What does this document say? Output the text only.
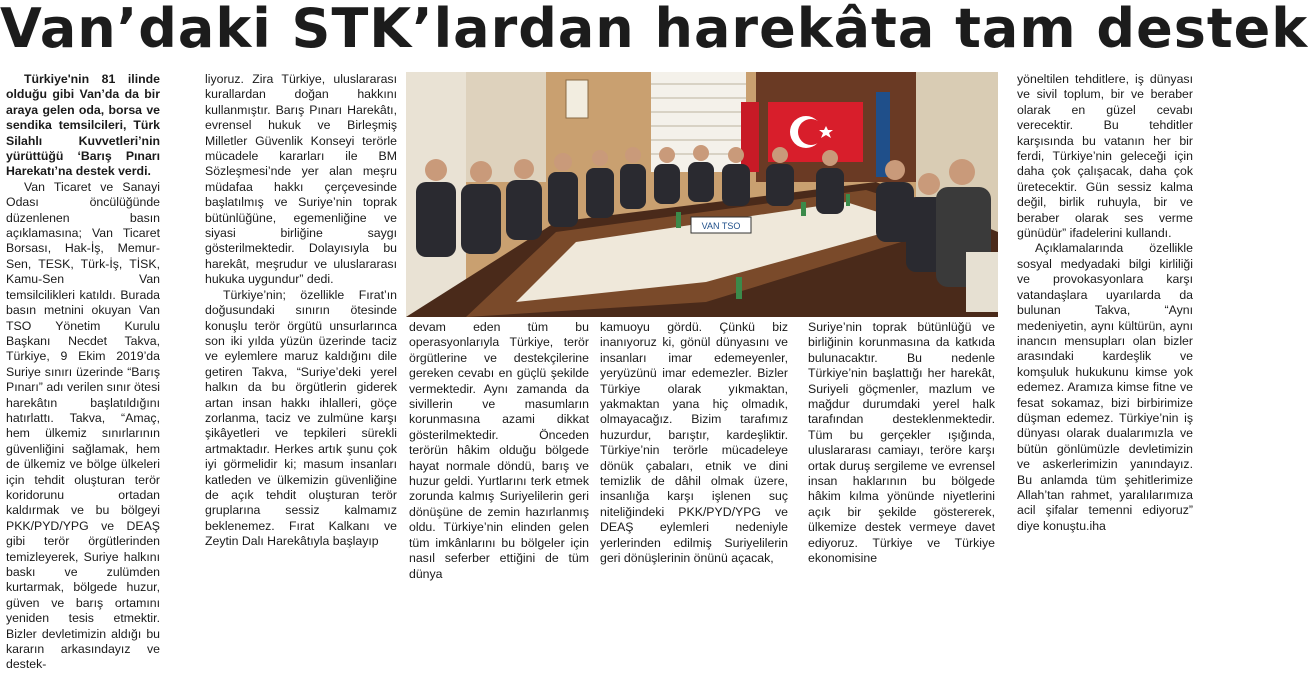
Van’daki STK’lardan harekâta tam destek

Türkiye'nin 81 ilinde olduğu gibi Van’da da bir araya gelen oda, borsa ve sendika temsilcileri, Türk Silahlı Kuvvetleri’nin yürüttüğü ‘Barış Pınarı Harekatı’na destek verdi.

Van Ticaret ve Sanayi Odası öncülüğünde düzenlenen basın açıklamasına; Van Ticaret Borsası, Hak-İş, Memur-Sen, TESK, Türk-İş, TİSK, Kamu-Sen Van temsilcilikleri katıldı. Burada basın metnini okuyan Van TSO Yönetim Kurulu Başkanı Necdet Takva, Türkiye, 9 Ekim 2019’da Suriye sınırı üzerinde “Barış Pınarı” adı verilen sınır ötesi harekâtın başlatıldığını hatırlattı. Takva, “Amaç, hem ülkemiz sınırlarının güvenliğini sağlamak, hem de ülkemiz ve bölge ülkeleri için tehdit oluşturan terör koridorunu ortadan kaldırmak ve bu bölgeyi PKK/PYD/YPG ve DEAŞ gibi terör örgütlerinden temizleyerek, Suriye halkını baskı ve zulümden kurtarmak, bölgede huzur, güven ve barış ortamını yeniden tesis etmektir. Bizler devletimizin aldığı bu kararın arkasındayız ve destek-

liyoruz. Zira Türkiye, uluslararası kurallardan doğan hakkını kullanmıştır. Barış Pınarı Harekâtı, evrensel hukuk ve Birleşmiş Milletler Güvenlik Konseyi terörle mücadele kararları ile BM Sözleşmesi’nde yer alan meşru müdafaa hakkı çerçevesinde başlatılmış ve Suriye’nin toprak bütünlüğüne, egemenliğine ve siyasi birliğine saygı gösterilmektedir. Dolayısıyla bu harekât, meşrudur ve uluslararası hukuka uygundur” dedi.

Türkiye’nin; özellikle Fırat’ın doğusundaki sınırın ötesinde konuşlu terör örgütü unsurlarınca son iki yılda yüzün üzerinde taciz ve eylemlere maruz kaldığını dile getiren Takva, “Suriye’deki yerel halkın da bu örgütlerin giderek artan insan hakkı ihlalleri, göçe zorlanma, taciz ve zulmüne karşı şikâyetleri ve tepkileri sürekli artmaktadır. Herkes artık şunu çok iyi görmelidir ki; masum insanları katleden ve ülkemizin güvenliğine de açık tehdit oluşturan terör gruplarına sessiz kalmamız beklenemez. Fırat Kalkanı ve Zeytin Dalı Harekâtıyla başlayıp

VAN TSO

devam eden tüm bu operasyonlarıyla Türkiye, terör örgütlerine ve destekçilerine gereken cevabı en güçlü şekilde vermektedir. Aynı zamanda da sivillerin ve masumların korunmasına azami dikkat gösterilmektedir. Önceden terörün hâkim olduğu bölgede hayat normale döndü, barış ve huzur geldi. Yurtlarını terk etmek zorunda kalmış Suriyelilerin geri dönüşüne de zemin hazırlanmış oldu. Türkiye’nin elinden gelen tüm imkânlarını bu bölgeler için nasıl seferber ettiğini de tüm dünya

kamuoyu gördü. Çünkü biz inanıyoruz ki, gönül dünyasını ve insanları imar edemeyenler, yeryüzünü imar edemezler. Bizler Türkiye olarak yıkmaktan, yakmaktan yana hiç olmadık, olmayacağız. Bizim tarafımız huzurdur, barıştır, kardeşliktir. Türkiye’nin terörle mücadeleye dönük çabaları, etnik ve dini temizlik de dâhil olmak üzere, insanlığa karşı işlenen suç niteliğindeki PKK/PYD/YPG ve DEAŞ eylemleri nedeniyle yerlerinden edilmiş Suriyelilerin geri dönüşlerinin önünü açacak,

Suriye’nin toprak bütünlüğü ve birliğinin korunmasına da katkıda bulunacaktır. Bu nedenle Türkiye’nin başlattığı her harekât, Suriyeli göçmenler, mazlum ve mağdur durumdaki yerel halk tarafından desteklenmektedir. Tüm bu gerçekler ışığında, uluslararası camiayı, teröre karşı ortak duruş sergileme ve evrensel insan haklarının bu bölgede hâkim kılma yönünde niyetlerini açık bir şekilde göstererek, ülkemize destek vermeye davet ediyoruz. Türkiye ve Türkiye ekonomisine

yöneltilen tehditlere, iş dünyası ve sivil toplum, bir ve beraber olarak en güzel cevabı verecektir. Bu tehditler karşısında bu vatanın her bir ferdi, Türkiye’nin geleceği için daha çok çalışacak, daha çok üretecektir. Gün sessiz kalma değil, birlik ruhuyla, bir ve beraber olarak ses verme günüdür” ifadelerini kullandı.

Açıklamalarında özellikle sosyal medyadaki bilgi kirliliği ve provokasyonlara karşı vatandaşlara uyarılarda da bulunan Takva, “Aynı medeniyetin, aynı kültürün, aynı inancın mensupları olan bizler arasındaki kardeşlik ve komşuluk hukukunu kimse yok edemez. Aramıza kimse fitne ve fesat sokamaz, bizi birbirimize düşman edemez. Türkiye’nin iş dünyası olarak dualarımızla ve bütün gönlümüzle devletimizin ve askerlerimizin yanındayız. Bu anlamda tüm şehitlerimize Allah’tan rahmet, yaralılarımıza acil şifalar temenni ediyoruz” diye konuştu.iha
